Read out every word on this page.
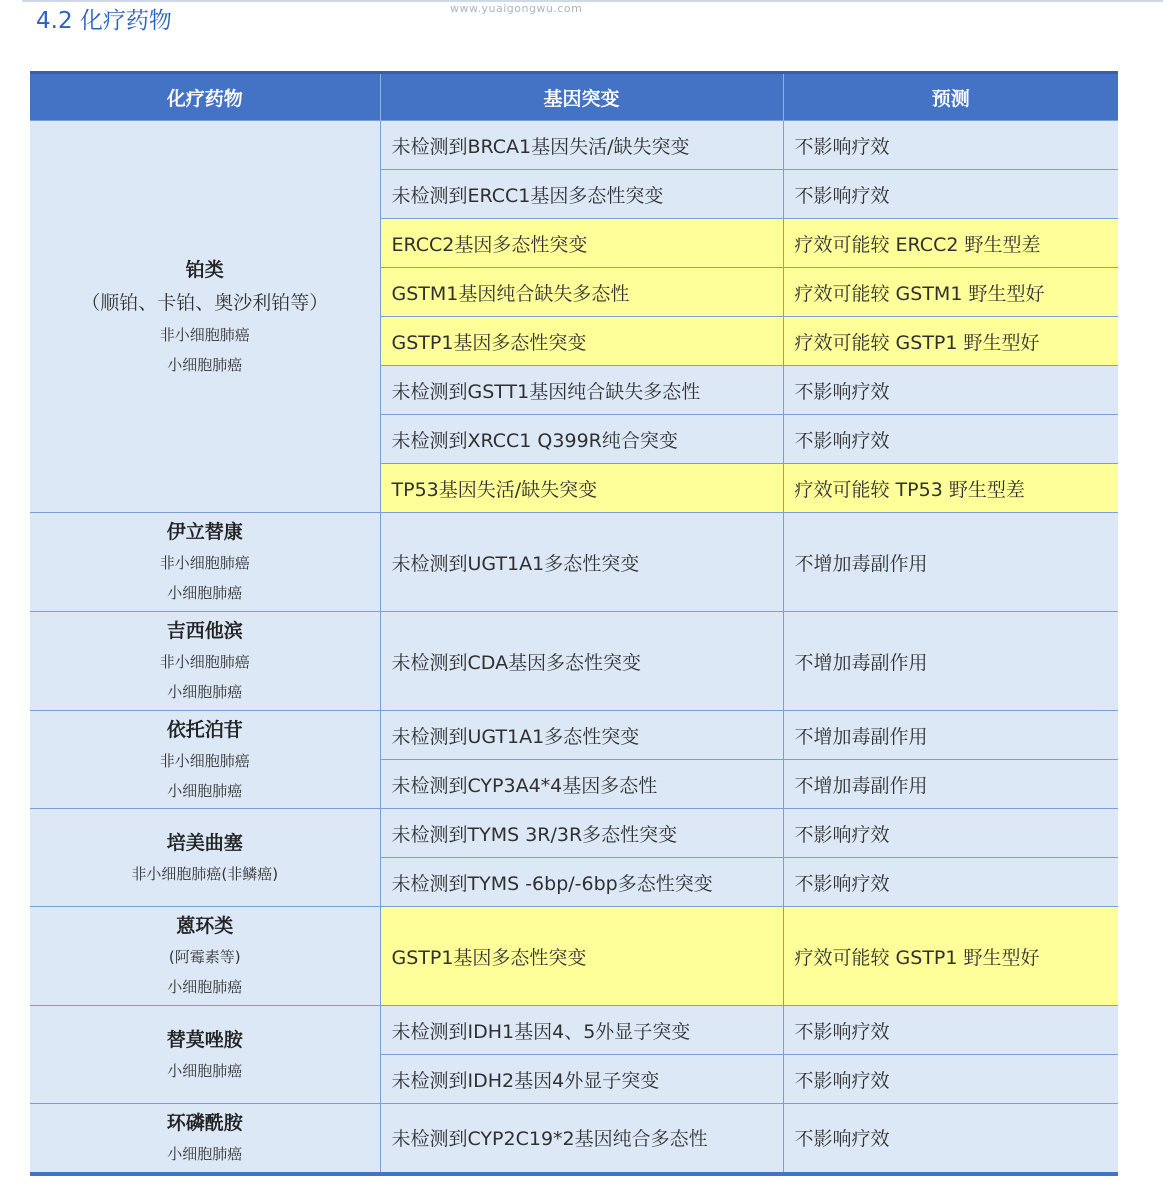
www.yuaigongwu.com
4.2 化疗药物
化疗药物	基因突变	预测

铂类
（顺铂、卡铂、奥沙利铂等）
非小细胞肺癌
小细胞肺癌	未检测到BRCA1基因失活/缺失突变	不影响疗效
	未检测到ERCC1基因多态性突变	不影响疗效
	ERCC2基因多态性突变	疗效可能较 ERCC2 野生型差
	GSTM1基因纯合缺失多态性	疗效可能较 GSTM1 野生型好
	GSTP1基因多态性突变	疗效可能较 GSTP1 野生型好
	未检测到GSTT1基因纯合缺失多态性	不影响疗效
	未检测到XRCC1 Q399R纯合突变	不影响疗效
	TP53基因失活/缺失突变	疗效可能较 TP53 野生型差

伊立替康
非小细胞肺癌
小细胞肺癌	未检测到UGT1A1多态性突变	不增加毒副作用

吉西他滨
非小细胞肺癌
小细胞肺癌	未检测到CDA基因多态性突变	不增加毒副作用

依托泊苷
非小细胞肺癌
小细胞肺癌	未检测到UGT1A1多态性突变	不增加毒副作用
	未检测到CYP3A4*4基因多态性	不增加毒副作用

培美曲塞
非小细胞肺癌(非鳞癌)	未检测到TYMS 3R/3R多态性突变	不影响疗效
	未检测到TYMS -6bp/-6bp多态性突变	不影响疗效

蒽环类
(阿霉素等)
小细胞肺癌	GSTP1基因多态性突变	疗效可能较 GSTP1 野生型好

替莫唑胺
小细胞肺癌	未检测到IDH1基因4、5外显子突变	不影响疗效
	未检测到IDH2基因4外显子突变	不影响疗效

环磷酰胺
小细胞肺癌	未检测到CYP2C19*2基因纯合多态性	不影响疗效
